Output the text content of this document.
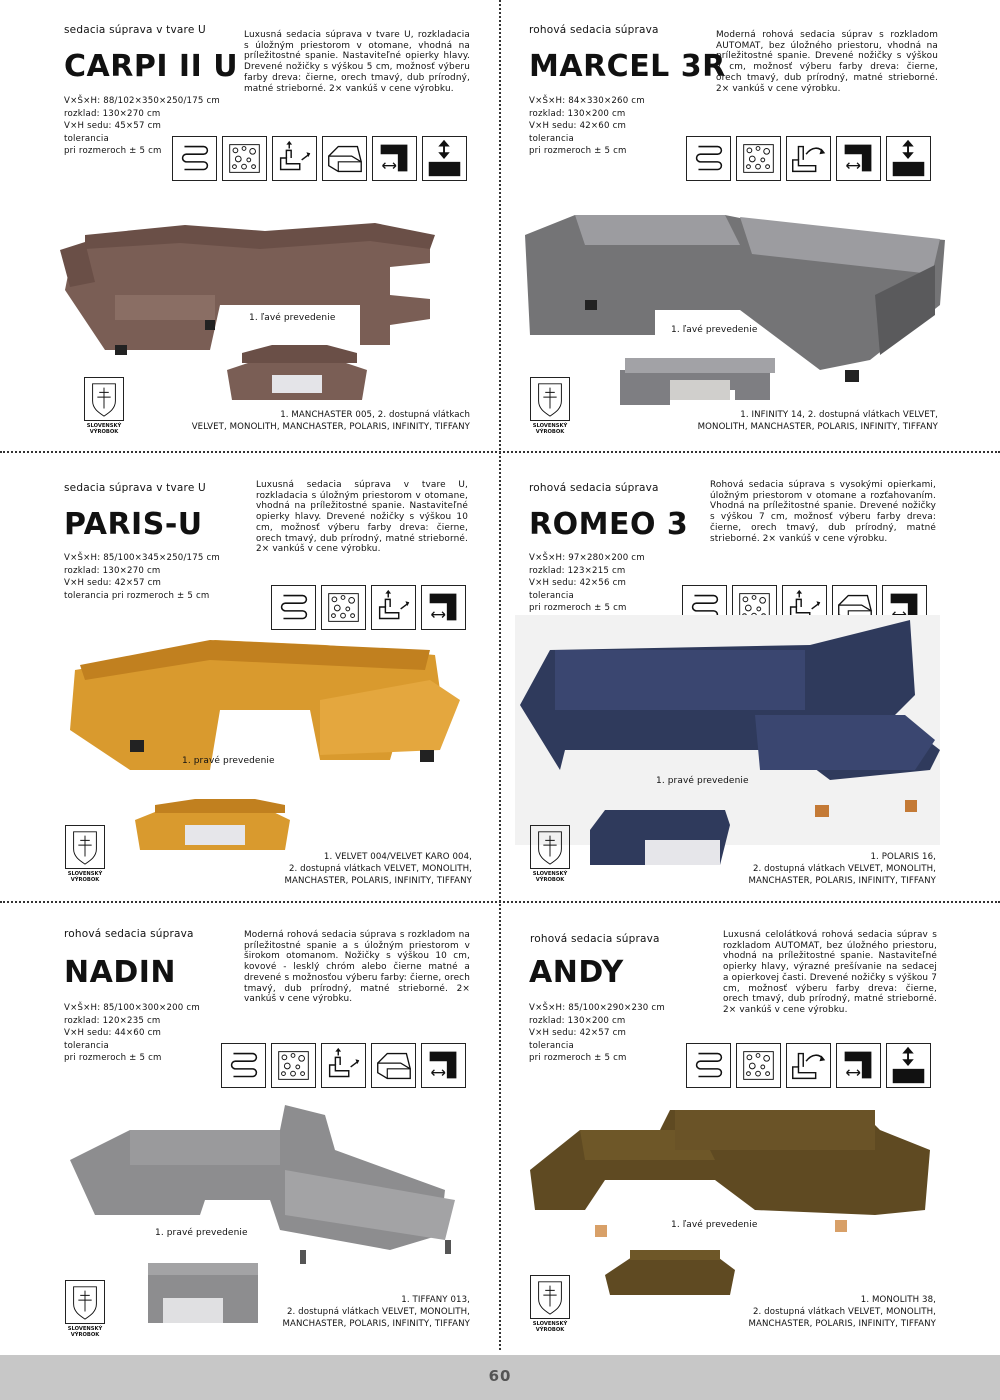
sedacia súprava v tvare U
CARPI II U
V×Š×H: 88/102×350×250/175 cm
rozklad: 130×270 cm
V×H sedu: 45×57 cm
tolerancia
pri rozmeroch ± 5 cm
Luxusná sedacia súprava v tvare U, rozkladacia s úložným priestorom v otomane, vhodná na príležitostné spanie. Nastaviteľné opierky hlavy. Drevené nožičky s výškou 5 cm, možnosť výberu farby dreva: čierne, orech tmavý, dub prírodný, matné strieborné. 2× vankúš v cene výrobku.
1. ľavé prevedenie
1. MANCHASTER 005, 2. dostupná vlátkach
VELVET, MONOLITH, MANCHASTER, POLARIS, INFINITY, TIFFANY
SLOVENSKÝ
VÝROBOK
rohová sedacia súprava
MARCEL 3R
V×Š×H: 84×330×260 cm
rozklad: 130×200 cm
V×H sedu: 42×60 cm
tolerancia
pri rozmeroch ± 5 cm
Moderná rohová sedacia súprav s rozkladom AUTOMAT, bez úložného priestoru, vhodná na príležitostné spanie. Drevené nožičky s výškou 7 cm, možnosť výberu farby dreva: čierne, orech tmavý, dub prírodný, matné strieborné. 2× vankúš v cene výrobku.
1. ľavé prevedenie
1. INFINITY 14, 2. dostupná vlátkach VELVET,
MONOLITH, MANCHASTER, POLARIS, INFINITY, TIFFANY
SLOVENSKÝ
VÝROBOK
sedacia súprava v tvare U
PARIS-U
V×Š×H: 85/100×345×250/175 cm
rozklad: 130×270 cm
V×H sedu: 42×57 cm
tolerancia pri rozmeroch ± 5 cm
Luxusná sedacia súprava v tvare U, rozkladacia s úložným priestorom v otomane, vhodná na príležitostné spanie. Nastaviteľné opierky hlavy. Drevené nožičky s výškou 10 cm, možnosť výberu farby dreva: čierne, orech tmavý, dub prírodný, matné strieborné. 2× vankúš v cene výrobku.
1. pravé prevedenie
1. VELVET 004/VELVET KARO 004,
2. dostupná vlátkach VELVET, MONOLITH,
MANCHASTER, POLARIS, INFINITY, TIFFANY
SLOVENSKÝ
VÝROBOK
rohová sedacia súprava
ROMEO 3
V×Š×H: 97×280×200 cm
rozklad: 123×215 cm
V×H sedu: 42×56 cm
tolerancia
pri rozmeroch ± 5 cm
Rohová sedacia súprava s vysokými opierkami, úložným priestorom v otomane a rozťahovaním. Vhodná na príležitostné spanie. Drevené nožičky s výškou 7 cm, možnosť výberu farby dreva: čierne, orech tmavý, dub prírodný, matné strieborné. 2× vankúš v cene výrobku.
1. pravé prevedenie
1. POLARIS 16,
2. dostupná vlátkach VELVET, MONOLITH,
MANCHASTER, POLARIS, INFINITY, TIFFANY
SLOVENSKÝ
VÝROBOK
rohová sedacia súprava
NADIN
V×Š×H: 85/100×300×200 cm
rozklad: 120×235 cm
V×H sedu: 44×60 cm
tolerancia
pri rozmeroch ± 5 cm
Moderná rohová sedacia súprava s rozkladom na príležitostné spanie a s úložným priestorom v širokom otomanom. Nožičky s výškou 10 cm, kovové - lesklý chróm alebo čierne matné a drevené s možnosťou výberu farby: čierne, orech tmavý, dub prírodný, matné strieborné. 2× vankúš v cene výrobku.
1. pravé prevedenie
1. TIFFANY 013,
2. dostupná vlátkach VELVET, MONOLITH,
MANCHASTER, POLARIS, INFINITY, TIFFANY
SLOVENSKÝ
VÝROBOK
rohová sedacia súprava
ANDY
V×Š×H: 85/100×290×230 cm
rozklad: 130×200 cm
V×H sedu: 42×57 cm
tolerancia
pri rozmeroch ± 5 cm
Luxusná celolátková rohová sedacia súprav s rozkladom AUTOMAT, bez úložného priestoru, vhodná na príležitostné spanie. Nastaviteľné opierky hlavy, výrazné prešívanie na sedacej a opierkovej časti. Drevené nožičky s výškou 7 cm, možnosť výberu farby dreva: čierne, orech tmavý, dub prírodný, matné strieborné. 2× vankúš v cene výrobku.
1. ľavé prevedenie
1. MONOLITH 38,
2. dostupná vlátkach VELVET, MONOLITH,
MANCHASTER, POLARIS, INFINITY, TIFFANY
SLOVENSKÝ
VÝROBOK
60
